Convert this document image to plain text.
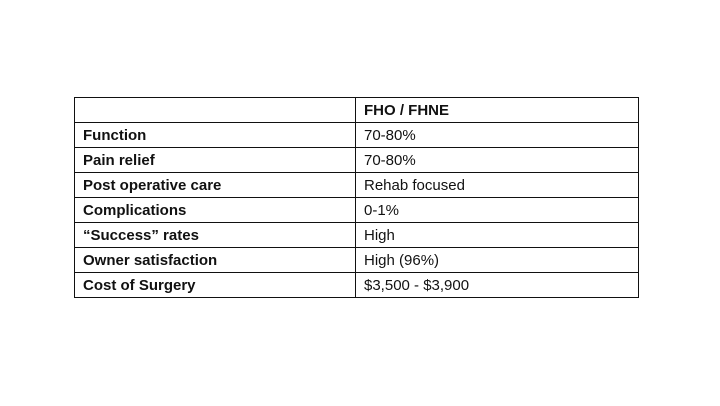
	FHO / FHNE
Function	70-80%
Pain relief	70-80%
Post operative care	Rehab focused
Complications	0-1%
“Success” rates	High
Owner satisfaction	High (96%)
Cost of Surgery	$3,500 - $3,900
